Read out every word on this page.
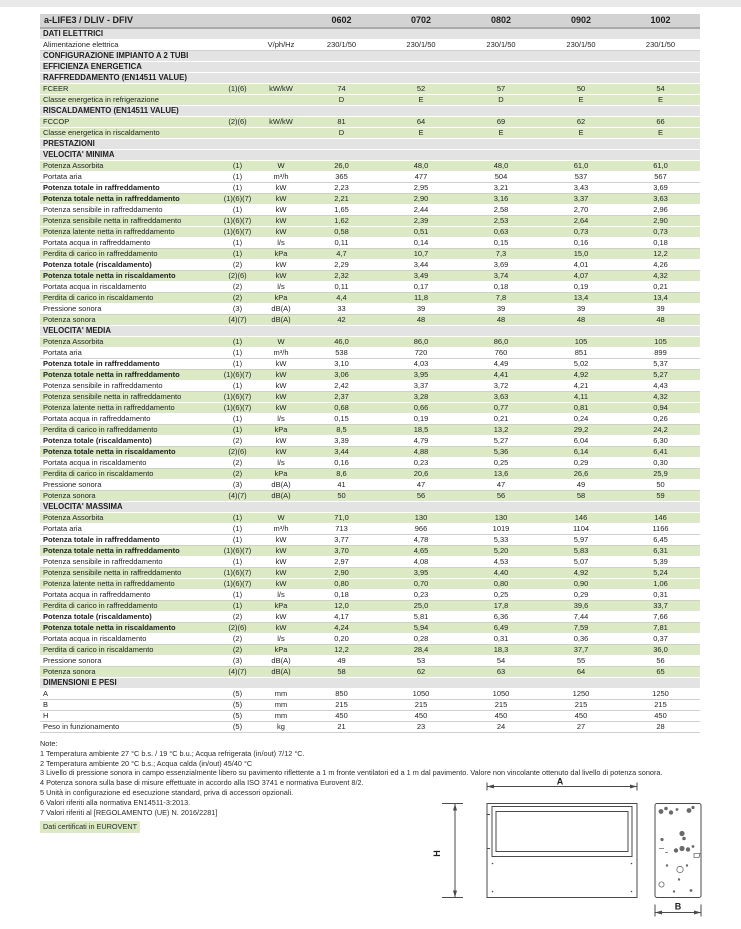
a-LIFE3 / DLIV - DFIV			0602	0702	0802	0902	1002
DATI ELETTRICI							
Alimentazione elettrica		V/ph/Hz	230/1/50	230/1/50	230/1/50	230/1/50	230/1/50
CONFIGURAZIONE IMPIANTO A 2 TUBI							
EFFICIENZA ENERGETICA							
RAFFREDDAMENTO (EN14511 VALUE)							
FCEER	(1)(6)	kW/kW	74	52	57	50	54
Classe energetica in refrigerazione			D	E	D	E	E
RISCALDAMENTO (EN14511 VALUE)							
FCCOP	(2)(6)	kW/kW	81	64	69	62	66
Classe energetica in riscaldamento			D	E	E	E	E
PRESTAZIONI							
VELOCITA' MINIMA							
Potenza Assorbita	(1)	W	26,0	48,0	48,0	61,0	61,0
Portata aria	(1)	m³/h	365	477	504	537	567
Potenza totale in raffreddamento	(1)	kW	2,23	2,95	3,21	3,43	3,69
Potenza totale netta in raffreddamento	(1)(6)(7)	kW	2,21	2,90	3,16	3,37	3,63
Potenza sensibile in raffreddamento	(1)	kW	1,65	2,44	2,58	2,70	2,96
Potenza sensibile netta in raffreddamento	(1)(6)(7)	kW	1,62	2,39	2,53	2,64	2,90
Potenza latente netta in raffreddamento	(1)(6)(7)	kW	0,58	0,51	0,63	0,73	0,73
Portata acqua in raffreddamento	(1)	l/s	0,11	0,14	0,15	0,16	0,18
Perdita di carico in raffreddamento	(1)	kPa	4,7	10,7	7,3	15,0	12,2
Potenza totale (riscaldamento)	(2)	kW	2,29	3,44	3,69	4,01	4,26
Potenza totale netta in riscaldamento	(2)(6)	kW	2,32	3,49	3,74	4,07	4,32
Portata acqua in riscaldamento	(2)	l/s	0,11	0,17	0,18	0,19	0,21
Perdita di carico in riscaldamento	(2)	kPa	4,4	11,8	7,8	13,4	13,4
Pressione sonora	(3)	dB(A)	33	39	39	39	39
Potenza sonora	(4)(7)	dB(A)	42	48	48	48	48
VELOCITA' MEDIA							
Potenza Assorbita	(1)	W	46,0	86,0	86,0	105	105
Portata aria	(1)	m³/h	538	720	760	851	899
Potenza totale in raffreddamento	(1)	kW	3,10	4,03	4,49	5,02	5,37
Potenza totale netta in raffreddamento	(1)(6)(7)	kW	3,06	3,95	4,41	4,92	5,27
Potenza sensibile in raffreddamento	(1)	kW	2,42	3,37	3,72	4,21	4,43
Potenza sensibile netta in raffreddamento	(1)(6)(7)	kW	2,37	3,28	3,63	4,11	4,32
Potenza latente netta in raffreddamento	(1)(6)(7)	kW	0,68	0,66	0,77	0,81	0,94
Portata acqua in raffreddamento	(1)	l/s	0,15	0,19	0,21	0,24	0,26
Perdita di carico in raffreddamento	(1)	kPa	8,5	18,5	13,2	29,2	24,2
Potenza totale (riscaldamento)	(2)	kW	3,39	4,79	5,27	6,04	6,30
Potenza totale netta in riscaldamento	(2)(6)	kW	3,44	4,88	5,36	6,14	6,41
Portata acqua in riscaldamento	(2)	l/s	0,16	0,23	0,25	0,29	0,30
Perdita di carico in riscaldamento	(2)	kPa	8,6	20,6	13,6	26,6	25,9
Pressione sonora	(3)	dB(A)	41	47	47	49	50
Potenza sonora	(4)(7)	dB(A)	50	56	56	58	59
VELOCITA' MASSIMA							
Potenza Assorbita	(1)	W	71,0	130	130	146	146
Portata aria	(1)	m³/h	713	966	1019	1104	1166
Potenza totale in raffreddamento	(1)	kW	3,77	4,78	5,33	5,97	6,45
Potenza totale netta in raffreddamento	(1)(6)(7)	kW	3,70	4,65	5,20	5,83	6,31
Potenza sensibile in raffreddamento	(1)	kW	2,97	4,08	4,53	5,07	5,39
Potenza sensibile netta in raffreddamento	(1)(6)(7)	kW	2,90	3,95	4,40	4,92	5,24
Potenza latente netta in raffreddamento	(1)(6)(7)	kW	0,80	0,70	0,80	0,90	1,06
Portata acqua in raffreddamento	(1)	l/s	0,18	0,23	0,25	0,29	0,31
Perdita di carico in raffreddamento	(1)	kPa	12,0	25,0	17,8	39,6	33,7
Potenza totale (riscaldamento)	(2)	kW	4,17	5,81	6,36	7,44	7,66
Potenza totale netta in riscaldamento	(2)(6)	kW	4,24	5,94	6,49	7,59	7,81
Portata acqua in riscaldamento	(2)	l/s	0,20	0,28	0,31	0,36	0,37
Perdita di carico in riscaldamento	(2)	kPa	12,2	28,4	18,3	37,7	36,0
Pressione sonora	(3)	dB(A)	49	53	54	55	56
Potenza sonora	(4)(7)	dB(A)	58	62	63	64	65
DIMENSIONI E PESI							
A	(5)	mm	850	1050	1050	1250	1250
B	(5)	mm	215	215	215	215	215
H	(5)	mm	450	450	450	450	450
Peso in funzionamento	(5)	kg	21	23	24	27	28
Note:
1 Temperatura ambiente 27 °C b.s. / 19 °C b.u.; Acqua refrigerata (in/out) 7/12 °C.
2 Temperatura ambiente 20 °C b.s.; Acqua calda (in/out) 45/40 °C
3 Livello di pressione sonora in campo essenzialmente libero su pavimento riflettente a 1 m fronte ventilatori ed a 1 m dal pavimento. Valore non vincolante ottenuto dal livello di potenza sonora.
4 Potenza sonora sulla base di misure effettuate in accordo alla ISO 3741 e normativa Eurovent 8/2.
5 Unità in configurazione ed esecuzione standard, priva di accessori opzionali.
6 Valori riferiti alla normativa EN14511-3:2013.
7 Valori riferiti al [REGOLAMENTO (UE) N. 2016/2281]
Dati certificati in EUROVENT
A
H
B
